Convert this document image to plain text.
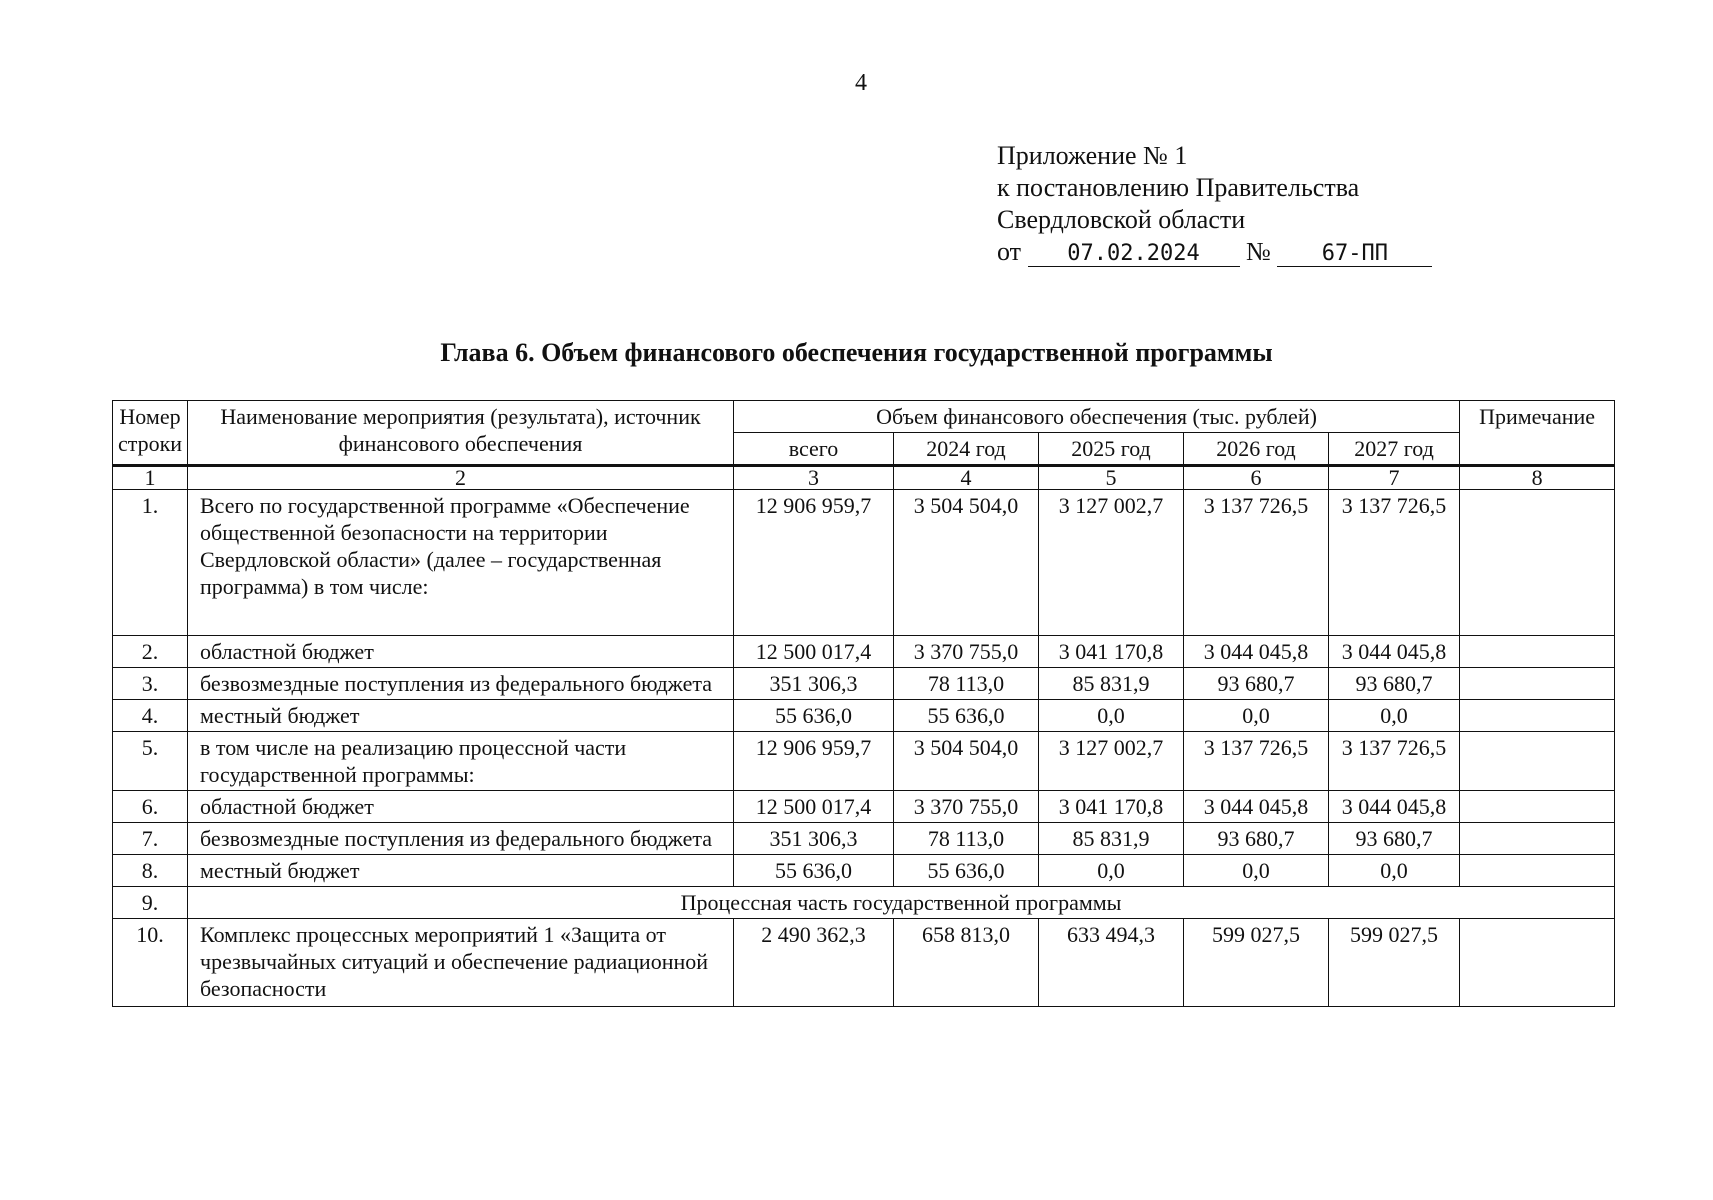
4
Приложение № 1
к постановлению Правительства
Свердловской области
от 07.02.2024 № 67-ПП
Глава 6. Объем финансового обеспечения государственной программы
Номер строки	Наименование мероприятия (результата), источник финансового обеспечения	Объем финансового обеспечения (тыс. рублей)					Примечание
		всего	2024 год	2025 год	2026 год	2027 год	
1	2	3	4	5	6	7	8
1.	Всего по государственной программе «Обеспечение общественной безопасности на территории Свердловской области» (далее – государственная программа) в том числе:	12 906 959,7	3 504 504,0	3 127 002,7	3 137 726,5	3 137 726,5	
2.	областной бюджет	12 500 017,4	3 370 755,0	3 041 170,8	3 044 045,8	3 044 045,8	
3.	безвозмездные поступления из федерального бюджета	351 306,3	78 113,0	85 831,9	93 680,7	93 680,7	
4.	местный бюджет	55 636,0	55 636,0	0,0	0,0	0,0	
5.	в том числе на реализацию процессной части государственной программы:	12 906 959,7	3 504 504,0	3 127 002,7	3 137 726,5	3 137 726,5	
6.	областной бюджет	12 500 017,4	3 370 755,0	3 041 170,8	3 044 045,8	3 044 045,8	
7.	безвозмездные поступления из федерального бюджета	351 306,3	78 113,0	85 831,9	93 680,7	93 680,7	
8.	местный бюджет	55 636,0	55 636,0	0,0	0,0	0,0	
9.	Процессная часть государственной программы						
10.	Комплекс процессных мероприятий 1 «Защита от чрезвычайных ситуаций и обеспечение радиационной безопасности	2 490 362,3	658 813,0	633 494,3	599 027,5	599 027,5	
